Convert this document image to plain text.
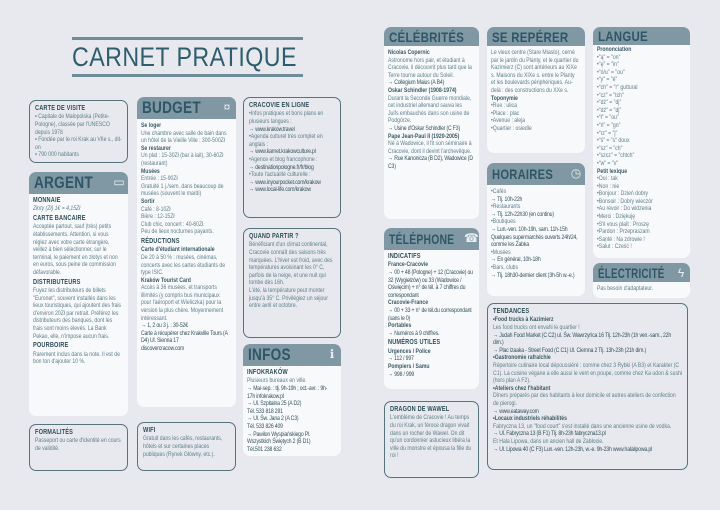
CARNET PRATIQUE
CARTE DE VISITE
▪ Capitale de Małopolska (Petite-Pologne), classée par l'UNESCO depuis 1978
▪ Fondée par le roi Krak au VIIe s., dit-on
▪ 790 000 habitants
ARGENT ▭
MONNAIE
Złoty (Zł) 1€ = 4,15Zł
CARTE BANCAIRE
Acceptée partout, sauf (très) petits établissements. Attention, si vous réglez avec votre carte étrangère, veillez à bien sélectionner, sur le terminal, le paiement en złotys et non en euros, sous peine de commission défavorable.
DISTRIBUTEURS
Fuyez les distributeurs de billets "Euronet", souvent installés dans les lieux touristiques, qui ajoutent des frais d'environ 20Zł par retrait. Préférez les distributeurs des banques, dont les frais sont moins élevés. La Bank Pekao, elle, n'impose aucun frais.
POURBOIRE
Rarement inclus dans la note. Il est de bon ton d'ajouter 10 %.
FORMALITÉS
Passeport ou carte d'identité en cours de validité.
BUDGET ¤
Se loger
Une chambre avec salle de bain dans un hôtel de la Vieille Ville : 300-500Zł
Se restaurer
Un plat : 15-30Zł (bar à lait), 30-60Zł (restaurant)
Musées
Entrée : 15-90Zł
Gratuité 1 j./sem. dans beaucoup de musées (souvent le mardi)
Sortir
Café : 8-10Zł
Bière : 12-15Zł
Club chic, concert : 40-60Zł.
Peu de lieux nocturnes payants.
RÉDUCTIONS
Carte d'étudiant internationale
De 20 à 50 % : musées, cinémas, concerts avec les cartes étudiants de type ISIC.
Kraków Tourist Card
Accès à 36 musées, et transports illimités (y compris bus municipaux pour l'aéroport et Wieliczka) pour la version la plus chère. Moyennement intéressant.
→ 1, 2 ou 3 j. : 30-52€
Carte à récupérer chez Krakville Tours (A D4) Ul. Sienna 17
discovercracow.com
WIFI
Gratuit dans les cafés, restaurants, hôtels et sur certaines places publiques (Rynek Główny, etc.).
CRACOVIE EN LIGNE
•Infos pratiques et bons plans en plusieurs langues :
→ www.krakow.travel
•Agenda culturel très complet en anglais :
→ www.karnet.krakowculture.pl
•Agence et blog francophone :
→ destinationpologne.fr/fr/blog
•Toute l'actualité culturelle :
→ www.inyourpocket.com/krakow
→ www.local-life.com/krakow
QUAND PARTIR ?
Bénéficiant d'un climat continental, Cracovie connaît des saisons très marquées. L'hiver est froid, avec des températures avoisinant les 0° C, parfois de la neige, et une nuit qui tombe dès 16h.
L'été, la température peut monter jusqu'à 35° C. Privilégiez un séjour entre avril et octobre.
INFOS	ℹ
INFOKRAKÓW
Plusieurs bureaux en ville.
→ Mai-sep. : tlj. 9h-19h ; oct.-avr. : 9h-17h infokrakow.pl
→ Ul. Szpitalna 25 (A D2)
Tél. 533 818 291
→ Ul. Św. Jana 2 (A C3)
Tél. 533 826 409
→ Pawilon Wyspiańskiego Pl. Wszystkich Świętych 2 (B D1)
Tél.501 238 632
CÉLÉBRITÉS
Nicolas Copernic
Astronome hors pair, et étudiant à Cracovie, il découvrit plus tard que la Terre tourne autour du Soleil.
→ Collegium Maius (A B4)
Oskar Schindler (1908-1974)
Durant la Seconde Guerre mondiale, cet industriel allemand sauva les Juifs embauchés dans son usine de Podgórze.
→ Usine d'Oskar Schindler (C F3)
Pape Jean-Paul II (1920-2005)
Né à Wadowice, il fit son séminaire à Cracovie, dont il devint l'archevêque.
→ Rue Kanonicza (B D2), Wadowice (D C3)
TÉLÉPHONE ☎
INDICATIFS
France-Cracovie
→ 00 + 48 (Pologne) + 12 (Cracovie) ou 32 (Wygiełzów) ou 33 (Wadowice / Oświęcim) + n° de tél. à 7 chiffres du correspondant
Cracovie-France
→ 00 + 33 + n° de tél.du correspondant (sans le 0)
Portables
→ Numéros à 9 chiffres.
NUMÉROS UTILES
Urgences / Police
→ 112 / 997
Pompiers / Samu
→ 998 / 999
DRAGON DE WAWEL
L'emblème de Cracovie ! Au temps du roi Krak, un féroce dragon vivait dans un rocher de Wawel. On dit qu'un cordonnier astucieux libéra la ville du monstre et épousa la fille du roi !
SE REPÉRER
Le vieux centre (Stare Miasto), cerné par le jardin du Planty, et le quartier du Kazimierz (C) sont antérieurs au XIXe s. Maisons du XIXe s. entre le Planty et les boulevards périphériques. Au-delà : des constructions du XXe s.
Toponymie
•Rue : ulica
•Place : plac
•Avenue : aleja
•Quartier : osiedle
HORAIRES ◷
•Cafés
→ Tlj. 10h-22h
•Restaurants
→ Tlj. 12h-22h30 (en continu)
•Boutiques
→ Lun.-ven. 10h-19h, sam. 11h-15h Quelques supermarchés ouverts 24h/24, comme les Żabka
•Musées
→ En général, 10h-18h
•Bars, clubs
→ Tlj. 18h30-dernier client (3h-5h w.-e.)
LANGUE
Prononciation
•"ą" = "on"
•"ę" = "in"
•"ó/u" = "ou"
•"y" = "é"
•"ch" = "r" guttural
•"cz" = "tch"
•"dż" = "dj"
•"dź" = "dj"
•"ł" = "ou"
•"ń" = "gn"
•"rz" = "j"
•"ś" = "s" doux
•"sz" = "ch"
•"szcz" = "chtch"
•"w" = "v"
Petit lexique
•Oui : tak
•Non : nie
•Bonjour : Dzień dobry
•Bonsoir : Dobry wieczór
•Au revoir : Do widzenia
•Merci : Dziękuję
•S'il vous plaît : Proszę
•Pardon : Przepraszam
•Santé : Na zdrowie !
•Salut : Cześć !
ÉLECTRICITÉ ϟ
Pas besoin d'adaptateur.
TENDANCES
•Food trucks à Kazimierz
Les food trucks ont envahi le quartier !
→ Judah Food Market (C C2) ul. Św. Wawrzyńca 16 Tlj. 12h-23h (1h ven.-sam., 22h dim.)
→ Plac Izaaka - Street Food (C C1) Ul. Ciemna 2 Tlj. 13h-23h (21h dim.)
•Gastronomie rafraîchie
Répertoire culinaire local dépoussiéré : comme chez 3 Rybki (A B3) et Karakter (C C1). La cuisine végane a elle aussi le vent en poupe, comme chez Ka udon & sushi (hors plan A F2).
•Ateliers chez l'habitant
Dîners préparés par des habitants à leur domicile et autres ateliers de confection de pierogi.
→ www.eataway.com
•Locaux industriels réhabilités
Fabryczna 13, un "food court" s'est installé dans une ancienne usine de vodka.
→ Ul. Fabryczna 13 (B F1) Tlj. 8h-23h fabryczna13.pl
Et Hala Lipowa, dans un ancien hall de Zabłocie.
→ Ul. Lipowa 40 (C F3) Lun.-ven. 12h-23h, w.-e. 9h-23h www.halalipowa.pl
